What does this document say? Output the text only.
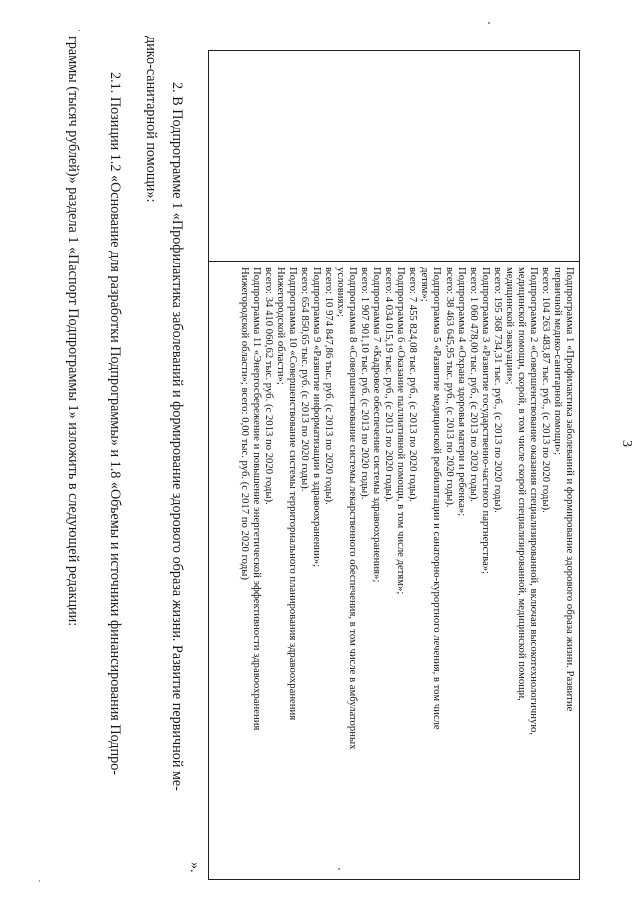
3

Подпрограмма 1 «Профилактика заболеваний и формирование здорового образа жизни. Развитие

первичной медико-санитарной помощи»;

всего: 104 263 483,87 тыс. руб., (с 2013 по 2020 годы).

Подпрограмма 2 «Совершенствование оказания специализированной, включая высокотехнологичную,

медицинской помощи, скорой, в том числе скорой специализированной, медицинской помощи,

медицинской эвакуации»;

всего: 195 368 734,31 тыс. руб., (с 2013 по 2020 годы).

Подпрограмма 3 «Развитие государственно-частного партнерства»;

всего: 1 060 478,00 тыс. руб., (с 2013 по 2020 годы).

Подпрограмма 4 «Охрана здоровья матери и ребенка»;

всего: 38 463 645,95 тыс. руб., (с 2013 по 2020 годы).

Подпрограмма 5 «Развитие медицинской реабилитации и санаторно-курортного лечения, в том числе

детям»;

всего: 7 455 824,08 тыс. руб., (с 2013 по 2020 годы).

Подпрограмма 6 «Оказание паллиативной помощи, в том числе детям»;

всего: 4 034 015,19 тыс. руб., (с 2013 по 2020 годы).

Подпрограмма 7 «Кадровое обеспечение системы здравоохранения»;

всего: 1 907 901,10 тыс. руб. (с 2013 по 2020 годы).

Подпрограмма 8 «Совершенствование системы лекарственного обеспечения, в том числе в амбулаторных

условиях»;

всего: 10 974 847,86 тыс. руб. (с 2013 по 2020 годы).

Подпрограмма 9 «Развитие информатизации в здравоохранении»;

всего: 654 850,65 тыс. руб. (с 2013 по 2020 годы).

Подпрограмма 10 «Совершенствование системы территориального планирования здравоохранения

Нижегородской области»;

всего: 34 410 060,62 тыс. руб. (с 2013 по 2020 годы).

Подпрограмма 11 «Энергосбережение и повышение энергетической эффективности здравоохранения

Нижегородской области»; всего: 0,00 тыс. руб. (с 2017 по 2020 годы)

».

2. В Подпрограмме 1 «Профилактика заболеваний и формирование здорового образа жизни. Развитие первичной ме-

дико-санитарной помощи»:

2.1. Позиции 1.2 «Основание для разработки Подпрограммы» и 1.8 «Объемы и источники финансирования Подпро-

граммы (тысяч рублей)» раздела 1 «Паспорт Подпрограммы 1» изложить в следующей редакции:
